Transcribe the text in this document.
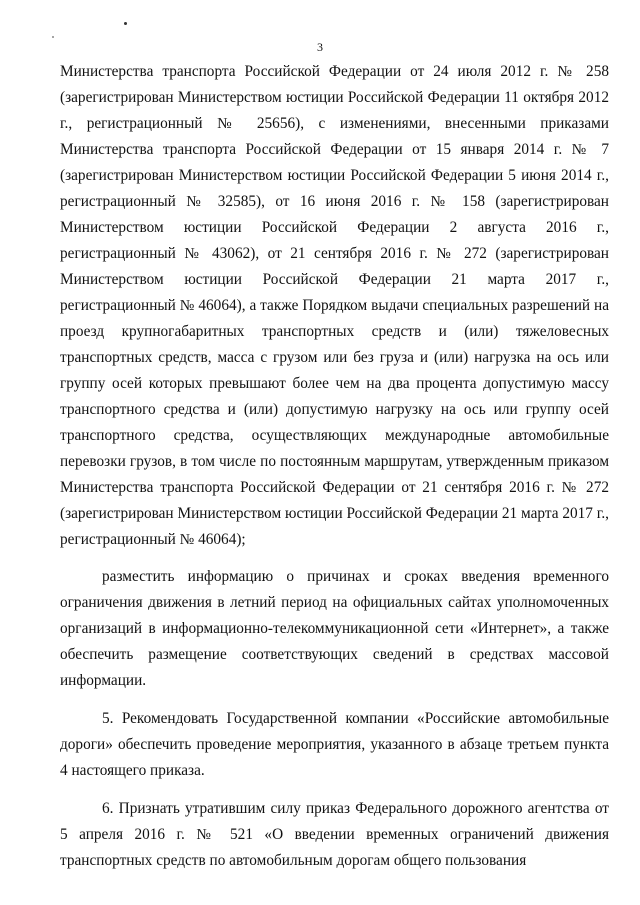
3

Министерства транспорта Российской Федерации от 24 июля 2012 г. № 258 (зарегистрирован Министерством юстиции Российской Федерации 11 октября 2012 г., регистрационный № 25656), с изменениями, внесенными приказами Министерства транспорта Российской Федерации от 15 января 2014 г. № 7 (зарегистрирован Министерством юстиции Российской Федерации 5 июня 2014 г., регистрационный № 32585), от 16 июня 2016 г. № 158 (зарегистрирован Министерством юстиции Российской Федерации 2 августа 2016 г., регистрационный № 43062), от 21 сентября 2016 г. № 272 (зарегистрирован Министерством юстиции Российской Федерации 21 марта 2017 г., регистрационный № 46064), а также Порядком выдачи специальных разрешений на проезд крупногабаритных транспортных средств и (или) тяжеловесных транспортных средств, масса с грузом или без груза и (или) нагрузка на ось или группу осей которых превышают более чем на два процента допустимую массу транспортного средства и (или) допустимую нагрузку на ось или группу осей транспортного средства, осуществляющих международные автомобильные перевозки грузов, в том числе по постоянным маршрутам, утвержденным приказом Министерства транспорта Российской Федерации от 21 сентября 2016 г. № 272 (зарегистрирован Министерством юстиции Российской Федерации 21 марта 2017 г., регистрационный № 46064);

разместить информацию о причинах и сроках введения временного ограничения движения в летний период на официальных сайтах уполномоченных организаций в информационно-телекоммуникационной сети «Интернет», а также обеспечить размещение соответствующих сведений в средствах массовой информации.

5. Рекомендовать Государственной компании «Российские автомобильные дороги» обеспечить проведение мероприятия, указанного в абзаце третьем пункта 4 настоящего приказа.

6. Признать утратившим силу приказ Федерального дорожного агентства от 5 апреля 2016 г. № 521 «О введении временных ограничений движения транспортных средств по автомобильным дорогам общего пользования
